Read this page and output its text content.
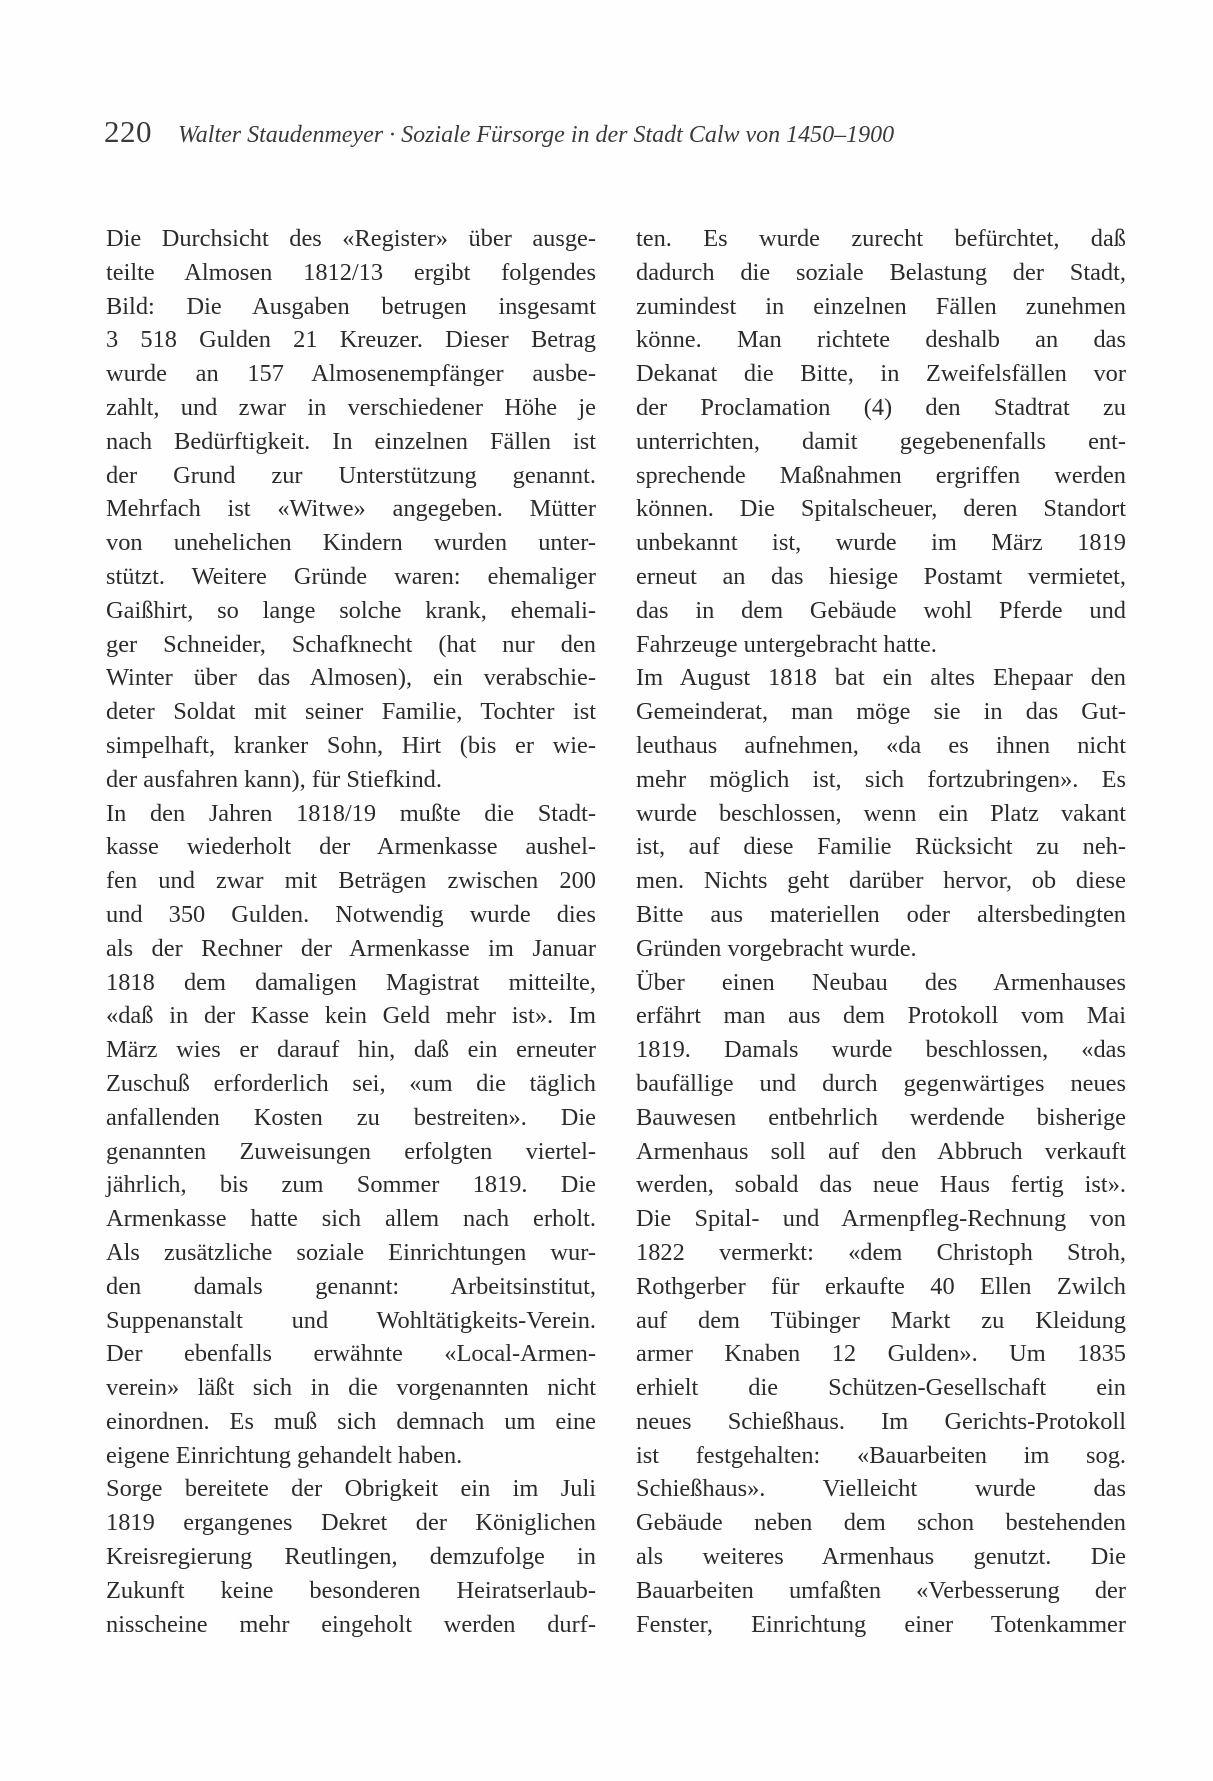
220 Walter Staudenmeyer · Soziale Fürsorge in der Stadt Calw von 1450–1900
Die Durchsicht des «Register» über ausge-
teilte Almosen 1812/13 ergibt folgendes
Bild: Die Ausgaben betrugen insgesamt
3 518 Gulden 21 Kreuzer. Dieser Betrag
wurde an 157 Almosenempfänger ausbe-
zahlt, und zwar in verschiedener Höhe je
nach Bedürftigkeit. In einzelnen Fällen ist
der Grund zur Unterstützung genannt.
Mehrfach ist «Witwe» angegeben. Mütter
von unehelichen Kindern wurden unter-
stützt. Weitere Gründe waren: ehemaliger
Gaißhirt, so lange solche krank, ehemali-
ger Schneider, Schafknecht (hat nur den
Winter über das Almosen), ein verabschie-
deter Soldat mit seiner Familie, Tochter ist
simpelhaft, kranker Sohn, Hirt (bis er wie-
der ausfahren kann), für Stiefkind.
In den Jahren 1818/19 mußte die Stadt-
kasse wiederholt der Armenkasse aushel-
fen und zwar mit Beträgen zwischen 200
und 350 Gulden. Notwendig wurde dies
als der Rechner der Armenkasse im Januar
1818 dem damaligen Magistrat mitteilte,
«daß in der Kasse kein Geld mehr ist». Im
März wies er darauf hin, daß ein erneuter
Zuschuß erforderlich sei, «um die täglich
anfallenden Kosten zu bestreiten». Die
genannten Zuweisungen erfolgten viertel-
jährlich, bis zum Sommer 1819. Die
Armenkasse hatte sich allem nach erholt.
Als zusätzliche soziale Einrichtungen wur-
den damals genannt: Arbeitsinstitut,
Suppenanstalt und Wohltätigkeits-Verein.
Der ebenfalls erwähnte «Local-Armen-
verein» läßt sich in die vorgenannten nicht
einordnen. Es muß sich demnach um eine
eigene Einrichtung gehandelt haben.
Sorge bereitete der Obrigkeit ein im Juli
1819 ergangenes Dekret der Königlichen
Kreisregierung Reutlingen, demzufolge in
Zukunft keine besonderen Heiratserlaub-
nisscheine mehr eingeholt werden durf-
ten. Es wurde zurecht befürchtet, daß
dadurch die soziale Belastung der Stadt,
zumindest in einzelnen Fällen zunehmen
könne. Man richtete deshalb an das
Dekanat die Bitte, in Zweifelsfällen vor
der Proclamation (4) den Stadtrat zu
unterrichten, damit gegebenenfalls ent-
sprechende Maßnahmen ergriffen werden
können. Die Spitalscheuer, deren Standort
unbekannt ist, wurde im März 1819
erneut an das hiesige Postamt vermietet,
das in dem Gebäude wohl Pferde und
Fahrzeuge untergebracht hatte.
Im August 1818 bat ein altes Ehepaar den
Gemeinderat, man möge sie in das Gut-
leuthaus aufnehmen, «da es ihnen nicht
mehr möglich ist, sich fortzubringen». Es
wurde beschlossen, wenn ein Platz vakant
ist, auf diese Familie Rücksicht zu neh-
men. Nichts geht darüber hervor, ob diese
Bitte aus materiellen oder altersbedingten
Gründen vorgebracht wurde.
Über einen Neubau des Armenhauses
erfährt man aus dem Protokoll vom Mai
1819. Damals wurde beschlossen, «das
baufällige und durch gegenwärtiges neues
Bauwesen entbehrlich werdende bisherige
Armenhaus soll auf den Abbruch verkauft
werden, sobald das neue Haus fertig ist».
Die Spital- und Armenpfleg-Rechnung von
1822 vermerkt: «dem Christoph Stroh,
Rothgerber für erkaufte 40 Ellen Zwilch
auf dem Tübinger Markt zu Kleidung
armer Knaben 12 Gulden». Um 1835
erhielt die Schützen-Gesellschaft ein
neues Schießhaus. Im Gerichts-Protokoll
ist festgehalten: «Bauarbeiten im sog.
Schießhaus». Vielleicht wurde das
Gebäude neben dem schon bestehenden
als weiteres Armenhaus genutzt. Die
Bauarbeiten umfaßten «Verbesserung der
Fenster, Einrichtung einer Totenkammer
